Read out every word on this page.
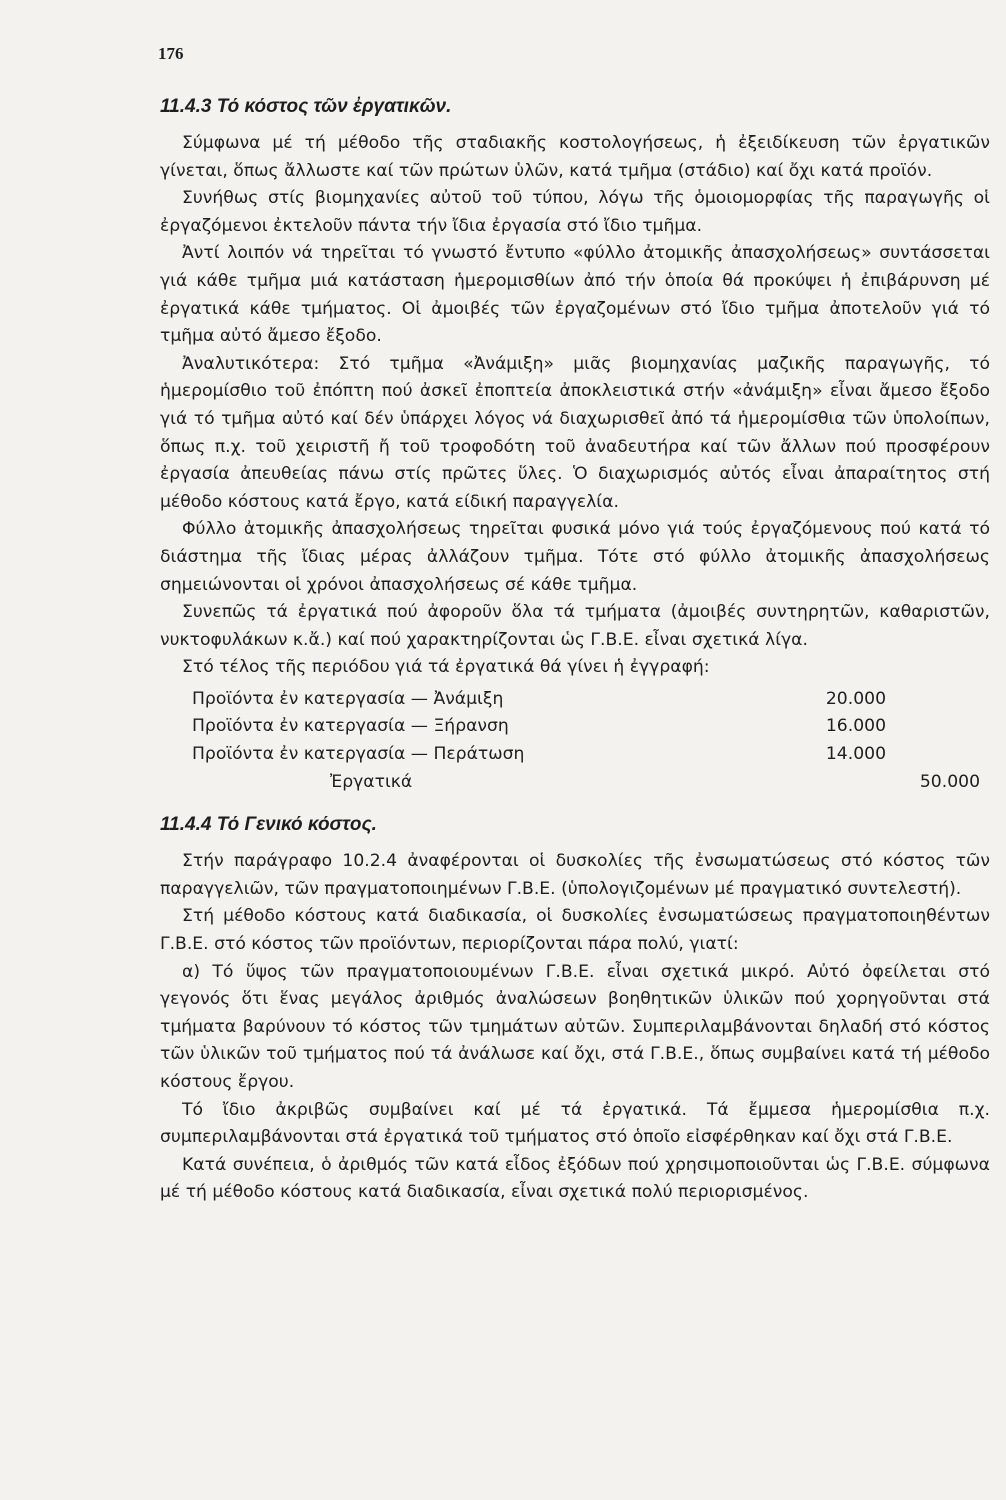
176
11.4.3 Τό κόστος τῶν ἐργατικῶν.

Σύμφωνα μέ τή μέθοδο τῆς σταδιακῆς κοστολογήσεως, ἡ ἐξειδίκευση τῶν ἐργατικῶν γίνεται, ὅπως ἄλλωστε καί τῶν πρώτων ὑλῶν, κατά τμῆμα (στάδιο) καί ὄχι κατά προϊόν.

Συνήθως στίς βιομηχανίες αὐτοῦ τοῦ τύπου, λόγω τῆς ὁμοιομορφίας τῆς παραγωγῆς οἱ ἐργαζόμενοι ἐκτελοῦν πάντα τήν ἴδια ἐργασία στό ἴδιο τμῆμα.

Ἀντί λοιπόν νά τηρεῖται τό γνωστό ἔντυπο «φύλλο ἀτομικῆς ἀπασχολήσεως» συντάσσεται γιά κάθε τμῆμα μιά κατάσταση ἡμερομισθίων ἀπό τήν ὁποία θά προκύψει ἡ ἐπιβάρυνση μέ ἐργατικά κάθε τμήματος. Οἱ ἀμοιβές τῶν ἐργαζομένων στό ἴδιο τμῆμα ἀποτελοῦν γιά τό τμῆμα αὐτό ἄμεσο ἔξοδο.

Ἀναλυτικότερα: Στό τμῆμα «Ἀνάμιξη» μιᾶς βιομηχανίας μαζικῆς παραγωγῆς, τό ἡμερομίσθιο τοῦ ἐπόπτη πού ἀσκεῖ ἐποπτεία ἀποκλειστικά στήν «ἀνάμιξη» εἶναι ἄμεσο ἔξοδο γιά τό τμῆμα αὐτό καί δέν ὑπάρχει λόγος νά διαχωρισθεῖ ἀπό τά ἡμερομίσθια τῶν ὑπολοίπων, ὅπως π.χ. τοῦ χειριστῆ ἤ τοῦ τροφοδότη τοῦ ἀναδευτήρα καί τῶν ἄλλων πού προσφέρουν ἐργασία ἀπευθείας πάνω στίς πρῶτες ὕλες. Ὁ διαχωρισμός αὐτός εἶναι ἀπαραίτητος στή μέθοδο κόστους κατά ἔργο, κατά είδική παραγγελία.

Φύλλο ἀτομικῆς ἀπασχολήσεως τηρεῖται φυσικά μόνο γιά τούς ἐργαζόμενους πού κατά τό διάστημα τῆς ἴδιας μέρας ἀλλάζουν τμῆμα. Τότε στό φύλλο ἀτομικῆς ἀπασχολήσεως σημειώνονται οἱ χρόνοι ἀπασχολήσεως σέ κάθε τμῆμα.

Συνεπῶς τά ἐργατικά πού ἀφοροῦν ὅλα τά τμήματα (ἀμοιβές συντηρητῶν, καθαριστῶν, νυκτοφυλάκων κ.ἄ.) καί πού χαρακτηρίζονται ὡς Γ.Β.Ε. εἶναι σχετικά λίγα.

Στό τέλος τῆς περιόδου γιά τά ἐργατικά θά γίνει ἡ ἐγγραφή:

Προϊόντα ἐν κατεργασία — Ἀνάμιξη	20.000
Προϊόντα ἐν κατεργασία — Ξήρανση	16.000
Προϊόντα ἐν κατεργασία — Περάτωση	14.000
Ἐργατικά	50.000
11.4.4 Τό Γενικό κόστος.

Στήν παράγραφο 10.2.4 ἀναφέρονται οἱ δυσκολίες τῆς ἐνσωματώσεως στό κόστος τῶν παραγγελιῶν, τῶν πραγματοποιημένων Γ.Β.Ε. (ὑπολογιζομένων μέ πραγματικό συντελεστή).

Στή μέθοδο κόστους κατά διαδικασία, οἱ δυσκολίες ἐνσωματώσεως πραγματοποιηθέντων Γ.Β.Ε. στό κόστος τῶν προϊόντων, περιορίζονται πάρα πολύ, γιατί:

α) Τό ὕψος τῶν πραγματοποιουμένων Γ.Β.Ε. εἶναι σχετικά μικρό. Αὐτό ὀφείλεται στό γεγονός ὅτι ἕνας μεγάλος ἀριθμός ἀναλώσεων βοηθητικῶν ὑλικῶν πού χορηγοῦνται στά τμήματα βαρύνουν τό κόστος τῶν τμημάτων αὐτῶν. Συμπεριλαμβάνονται δηλαδή στό κόστος τῶν ὑλικῶν τοῦ τμήματος πού τά ἀνάλωσε καί ὄχι, στά Γ.Β.Ε., ὅπως συμβαίνει κατά τή μέθοδο κόστους ἔργου.

Τό ἴδιο ἀκριβῶς συμβαίνει καί μέ τά ἐργατικά. Τά ἔμμεσα ἡμερομίσθια π.χ. συμπεριλαμβάνονται στά ἐργατικά τοῦ τμήματος στό ὁποῖο εἰσφέρθηκαν καί ὄχι στά Γ.Β.Ε.

Κατά συνέπεια, ὁ ἀριθμός τῶν κατά εἶδος ἐξόδων πού χρησιμοποιοῦνται ὡς Γ.Β.Ε. σύμφωνα μέ τή μέθοδο κόστους κατά διαδικασία, εἶναι σχετικά πολύ περιορισμένος.
